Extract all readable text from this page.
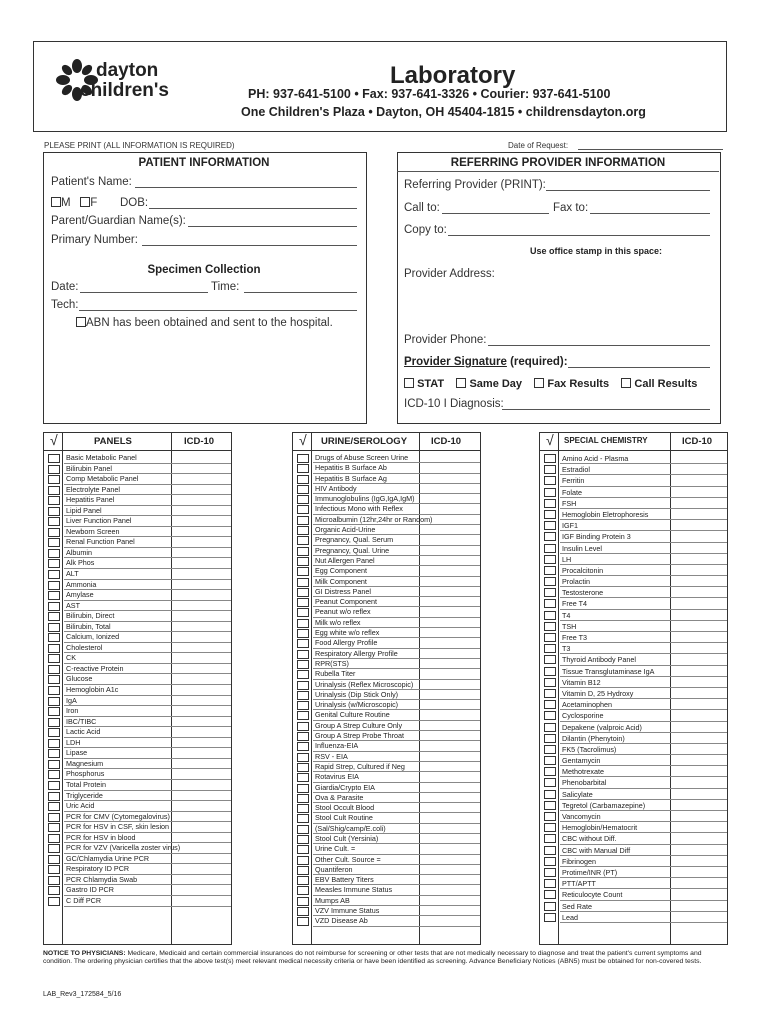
dayton
children's
Laboratory
PH: 937-641-5100 • Fax: 937-641-3326 • Courier: 937-641-5100
One Children's Plaza • Dayton, OH 45404-1815 • childrensdayton.org
PLEASE PRINT (ALL INFORMATION IS REQUIRED)	Date of Request:
PATIENT INFORMATION
Patient's Name:
M F DOB:
Parent/Guardian Name(s):
Primary Number:
Specimen Collection
Date:	Time:
Tech:
ABN has been obtained and sent to the hospital.
REFERRING PROVIDER INFORMATION
Referring Provider (PRINT):
Call to:	Fax to:
Copy to:
Use office stamp in this space:
Provider Address:
Provider Phone:
Provider Signature (required):
STAT Same Day Fax Results Call Results
ICD-10 I Diagnosis:
√	PANELS	ICD-10
Basic Metabolic Panel
Bilirubin Panel
Comp Metabolic Panel
Electrolyte Panel
Hepatitis Panel
Lipid Panel
Liver Function Panel
Newborn Screen
Renal Function Panel
Albumin
Alk Phos
ALT
Ammonia
Amylase
AST
Bilirubin, Direct
Bilirubin, Total
Calcium, Ionized
Cholesterol
CK
C-reactive Protein
Glucose
Hemoglobin A1c
IgA
Iron
IBC/TIBC
Lactic Acid
LDH
Lipase
Magnesium
Phosphorus
Total Protein
Triglyceride
Uric Acid
PCR for CMV (Cytomegalovirus)
PCR for HSV in CSF, skin lesion
PCR for HSV in blood
PCR for VZV (Varicella zoster virus)
GC/Chlamydia Urine PCR
Respiratory ID PCR
PCR Chlamydia Swab
Gastro ID PCR
C Diff PCR
√ URINE/SEROLOGY	ICD-10
Drugs of Abuse Screen Urine
Hepatitis B Surface Ab
Hepatitis B Surface Ag
HIV Antibody
Immunoglobulins (IgG,IgA,IgM)
Infectious Mono with Reflex
Microalbumin (12hr,24hr or Random)
Organic Acid-Urine
Pregnancy, Qual. Serum
Pregnancy, Qual. Urine
Nut Allergen Panel
Egg Component
Milk Component
GI Distress Panel
Peanut Component
Peanut w/o reflex
Milk w/o reflex
Egg white w/o reflex
Food Allergy Profile
Respiratory Allergy Profile
RPR(STS)
Rubella Titer
Urinalysis (Reflex Microscopic)
Urinalysis (Dip Stick Only)
Urinalysis (w/Microscopic)
Genital Culture Routine
Group A Strep Culture Only
Group A Strep Probe Throat
Influenza-EIA
RSV - EIA
Rapid Strep, Cultured if Neg
Rotavirus EIA
Giardia/Crypto EIA
Ova & Parasite
Stool Occult Blood
Stool Cult Routine
(Sal/Shig/camp/E.coli)
Stool Cult (Yersinia)
Urine Cult. =
Other Cult. Source =
Quantiferon
EBV Battery Titers
Measles Immune Status
Mumps AB
VZV Immune Status
VZD Disease Ab
√ SPECIAL CHEMISTRY	ICD-10
Amino Acid - Plasma
Estradiol
Ferritin
Folate
FSH
Hemoglobin Eletrophoresis
IGF1
IGF Binding Protein 3
Insulin Level
LH
Procalcitonin
Prolactin
Testosterone
Free T4
T4
TSH
Free T3
T3
Thyroid Antibody Panel
Tissue Transglutaminase IgA
Vitamin B12
Vitamin D, 25 Hydroxy
Acetaminophen
Cyclosporine
Depakene (valproic Acid)
Dilantin (Phenytoin)
FK5 (Tacrolimus)
Gentamycin
Methotrexate
Phenobarbital
Salicylate
Tegretol (Carbamazepine)
Vancomycin
Hemoglobin/Hematocrit
CBC without Diff.
CBC with Manual Diff
Fibrinogen
Protime/INR (PT)
PTT/APTT
Reticulocyte Count
Sed Rate
Lead
NOTICE TO PHYSICIANS: Medicare, Medicaid and certain commercial insurances do not reimburse for screening or other tests that are not medically necessary to diagnose and treat the patient's current symptoms and condition. The ordering physician certifies that the above test(s) meet relevant medical necessity criteria or have been identified as screening. Advance Beneficiary Notices (ABN5) must be obtained for non-covered tests.
LAB_Rev3_172584_5/16
